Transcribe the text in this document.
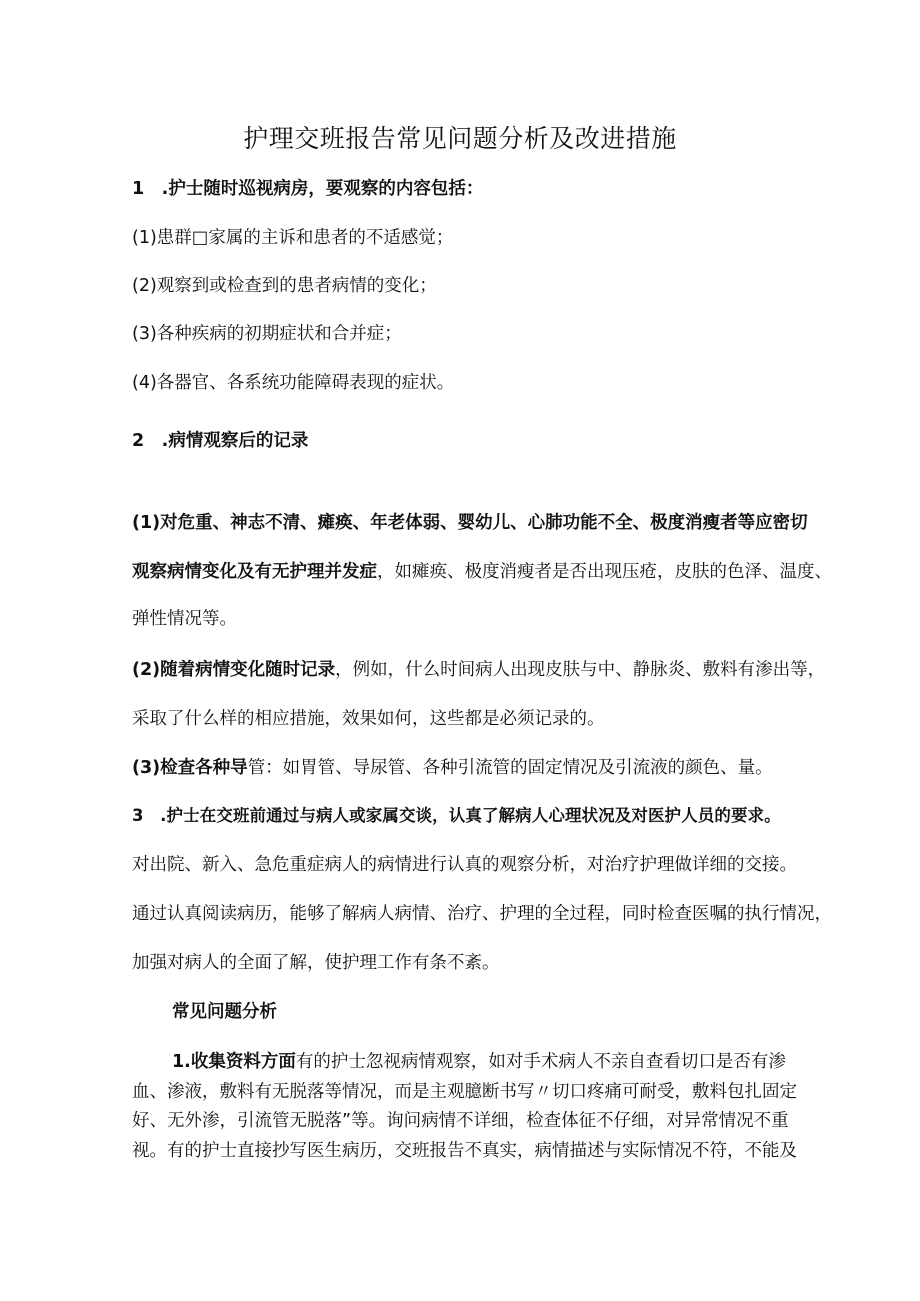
护理交班报告常见问题分析及改进措施
1　.护士随时巡视病房，要观察的内容包括：
(1)患群□家属的主诉和患者的不适感觉；
(2)观察到或检查到的患者病情的变化；
(3)各种疾病的初期症状和合并症；
(4)各器官、各系统功能障碍表现的症状。
2　.病情观察后的记录
(1)对危重、神志不清、瘫痪、年老体弱、婴幼儿、心肺功能不全、极度消瘦者等应密切
观察病情变化及有无护理并发症，如瘫痪、极度消瘦者是否出现压疮，皮肤的色泽、温度、
弹性情况等。
(2)随着病情变化随时记录，例如，什么时间病人出现皮肤与中、静脉炎、敷料有渗出等，
采取了什么样的相应措施，效果如何，这些都是必须记录的。
(3)检查各种导管：如胃管、导尿管、各种引流管的固定情况及引流液的颜色、量。
3　.护士在交班前通过与病人或家属交谈，认真了解病人心理状况及对医护人员的要求。
对出院、新入、急危重症病人的病情进行认真的观察分析，对治疗护理做详细的交接。
通过认真阅读病历，能够了解病人病情、治疗、护理的全过程，同时检查医嘱的执行情况，
加强对病人的全面了解，使护理工作有条不紊。
常见问题分析
1.收集资料方面有的护士忽视病情观察，如对手术病人不亲自查看切口是否有渗
血、渗液，敷料有无脱落等情况，而是主观臆断书写〃切口疼痛可耐受，敷料包扎固定
好、无外渗，引流管无脱落”等。询问病情不详细，检查体征不仔细，对异常情况不重
视。有的护士直接抄写医生病历，交班报告不真实，病情描述与实际情况不符，不能及
